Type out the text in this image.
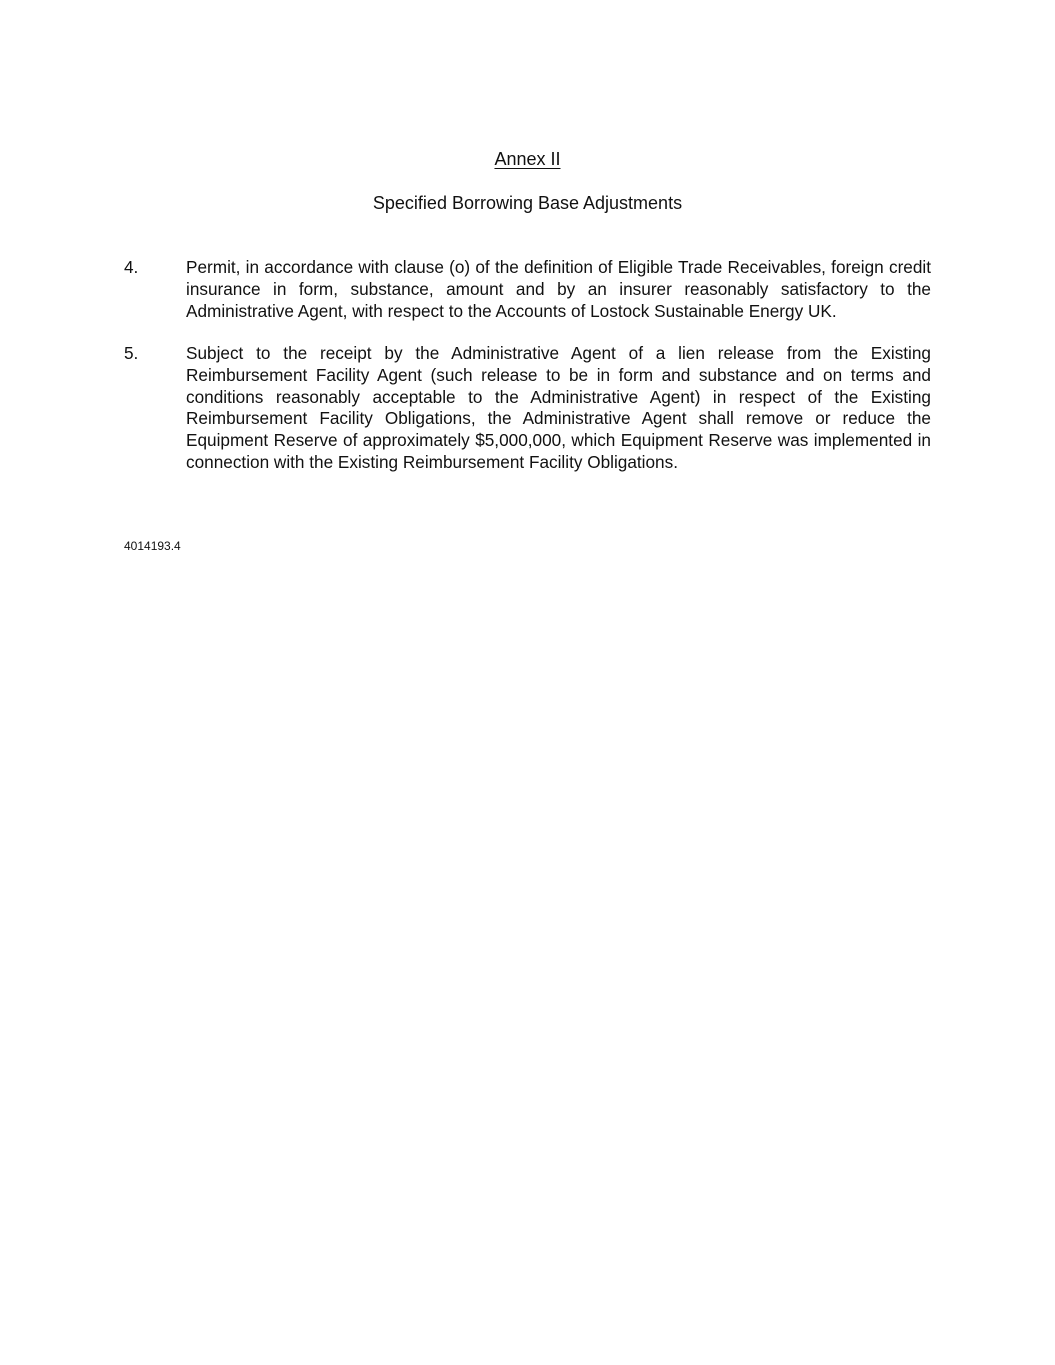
Annex II
Specified Borrowing Base Adjustments
4.	Permit, in accordance with clause (o) of the definition of Eligible Trade Receivables, foreign credit insurance in form, substance, amount and by an insurer reasonably satisfactory to the Administrative Agent, with respect to the Accounts of Lostock Sustainable Energy UK.
5.	Subject to the receipt by the Administrative Agent of a lien release from the Existing Reimbursement Facility Agent (such release to be in form and substance and on terms and conditions reasonably acceptable to the Administrative Agent) in respect of the Existing Reimbursement Facility Obligations, the Administrative Agent shall remove or reduce the Equipment Reserve of approximately $5,000,000, which Equipment Reserve was implemented in connection with the Existing Reimbursement Facility Obligations.
4014193.4
